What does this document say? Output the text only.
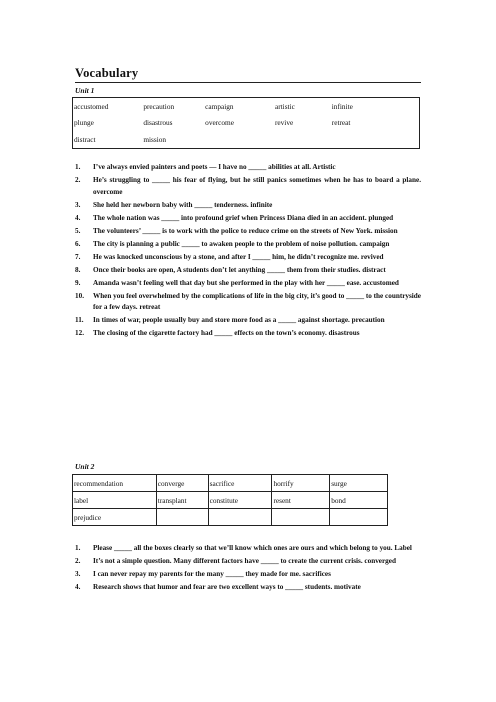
Vocabulary
Unit 1
accustomed	precaution	campaign	artistic	infinite
plunge	disastrous	overcome	revive	retreat
distract	mission			
1. I’ve always envied painters and poets — I have no _____ abilities at all. Artistic
2. He’s struggling to _____ his fear of flying, but he still panics sometimes when he has to board a plane. overcome
3. She held her newborn baby with _____ tenderness. infinite
4. The whole nation was _____ into profound grief when Princess Diana died in an accident. plunged
5. The volunteers’ _____ is to work with the police to reduce crime on the streets of New York. mission
6. The city is planning a public _____ to awaken people to the problem of noise pollution. campaign
7. He was knocked unconscious by a stone, and after I _____ him, he didn’t recognize me. revived
8. Once their books are open, A students don’t let anything _____ them from their studies. distract
9. Amanda wasn’t feeling well that day but she performed in the play with her _____ ease. accustomed
10. When you feel overwhelmed by the complications of life in the big city, it’s good to _____ to the countryside for a few days. retreat
11. In times of war, people usually buy and store more food as a _____ against shortage. precaution
12. The closing of the cigarette factory had _____ effects on the town’s economy. disastrous
Unit 2
recommendation	converge	sacrifice	horrify	surge
label	transplant	constitute	resent	bond
prejudice				
1. Please _____ all the boxes clearly so that we’ll know which ones are ours and which belong to you. Label
2. It’s not a simple question. Many different factors have _____ to create the current crisis. converged
3. I can never repay my parents for the many _____ they made for me. sacrifices
4. Research shows that humor and fear are two excellent ways to _____ students. motivate
